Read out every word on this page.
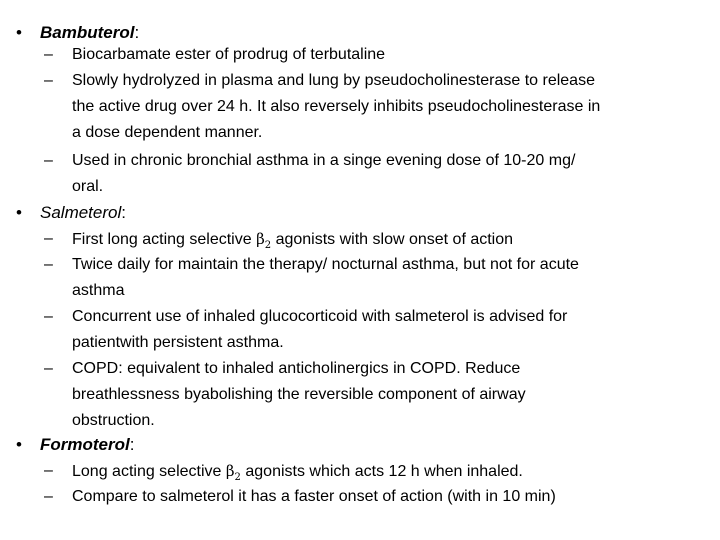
• Bambuterol:
– Biocarbamate ester of prodrug of terbutaline
– Slowly hydrolyzed in plasma and lung by pseudocholinesterase to release
the active drug over 24 h. It also reversely inhibits pseudocholinesterase in
a dose dependent manner.
– Used in chronic bronchial asthma in a singe evening dose of 10-20 mg/
oral.
• Salmeterol:
– First long acting selective $\beta_2$ agonists with slow onset of action
– Twice daily for maintain the therapy/ nocturnal asthma, but not for acute
asthma
– Concurrent use of inhaled glucocorticoid with salmeterol is advised for
patientwith persistent asthma.
– COPD: equivalent to inhaled anticholinergics in COPD. Reduce
breathlessness byabolishing the reversible component of airway
obstruction.
• Formoterol:
– Long acting selective $\beta_2$ agonists which acts 12 h when inhaled.
– Compare to salmeterol it has a faster onset of action (with in 10 min)
